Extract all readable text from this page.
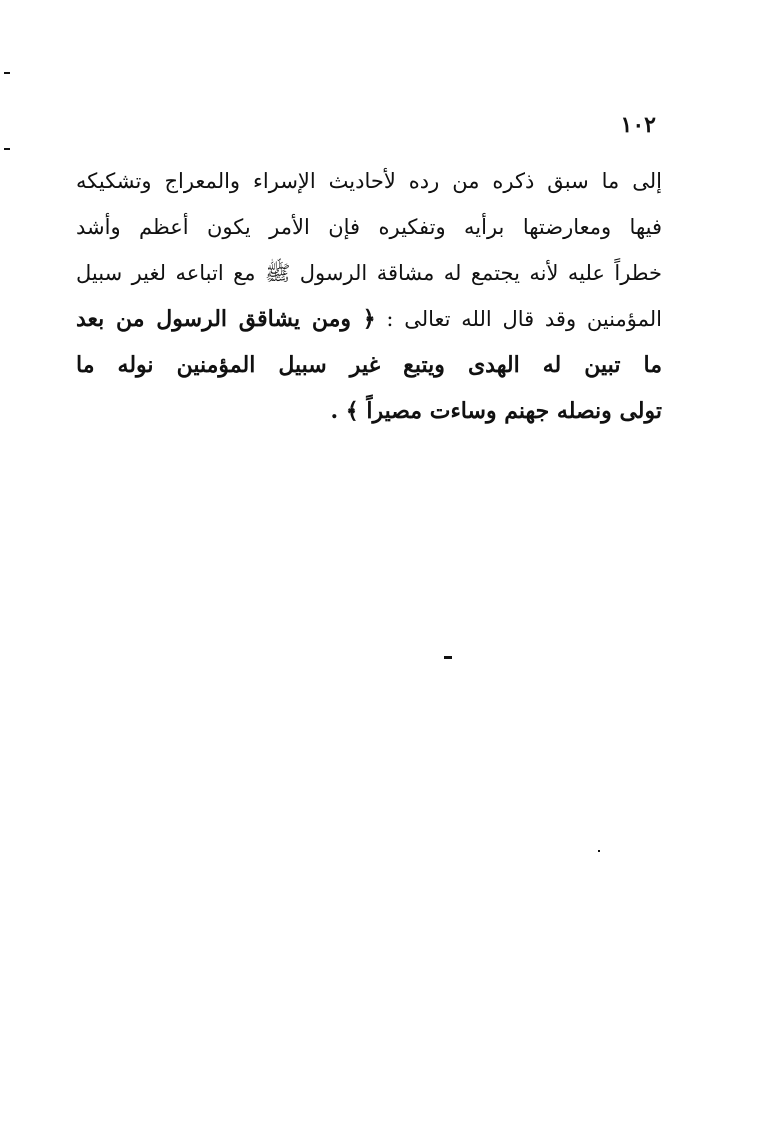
١٠٢
إلى ما سبق ذكره من رده لأحاديث الإسراء والمعراج وتشكيكه
فيها ومعارضتها برأيه وتفكيره فإن الأمر يكون أعظم وأشد
خطراً عليه لأنه يجتمع له مشاقة الرسول ﷺ مع اتباعه لغير سبيل
المؤمنين وقد قال الله تعالى : ﴿ ومن يشاقق الرسول من بعد
ما تبين له الهدى ويتبع غير سبيل المؤمنين نوله ما
تولى ونصله جهنم وساءت مصيراً ﴾ .
